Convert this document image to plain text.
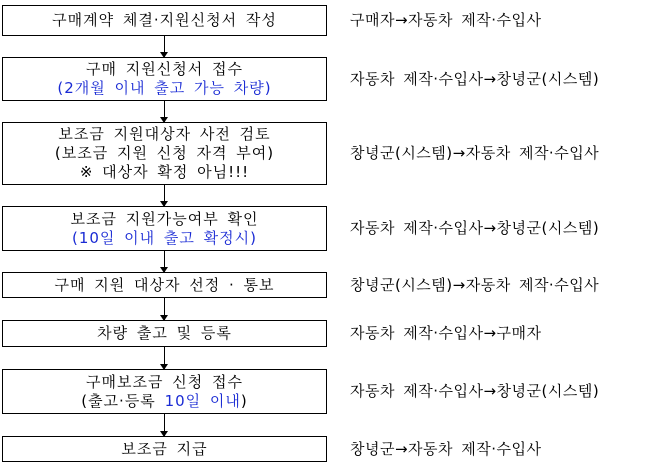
구매계약 체결·지원신청서 작성	구매자→자동차 제작·수입사
구매 지원신청서 접수
(2개월 이내 출고 가능 차량)	자동차 제작·수입사→창녕군(시스템)
보조금 지원대상자 사전 검토
(보조금 지원 신청 자격 부여)
※ 대상자 확정 아님!!!
창녕군(시스템)→자동차 제작·수입사
보조금 지원가능여부 확인
(10일 이내 출고 확정시)
자동차 제작·수입사→창녕군(시스템)
구매 지원 대상자 선정 · 통보	창녕군(시스템)→자동차 제작·수입사
차량 출고 및 등록	자동차 제작·수입사→구매자
구매보조금 신청 접수
(출고·등록 10일 이내)
자동차 제작·수입사→창녕군(시스템)
보조금 지급	창녕군→자동차 제작·수입사
